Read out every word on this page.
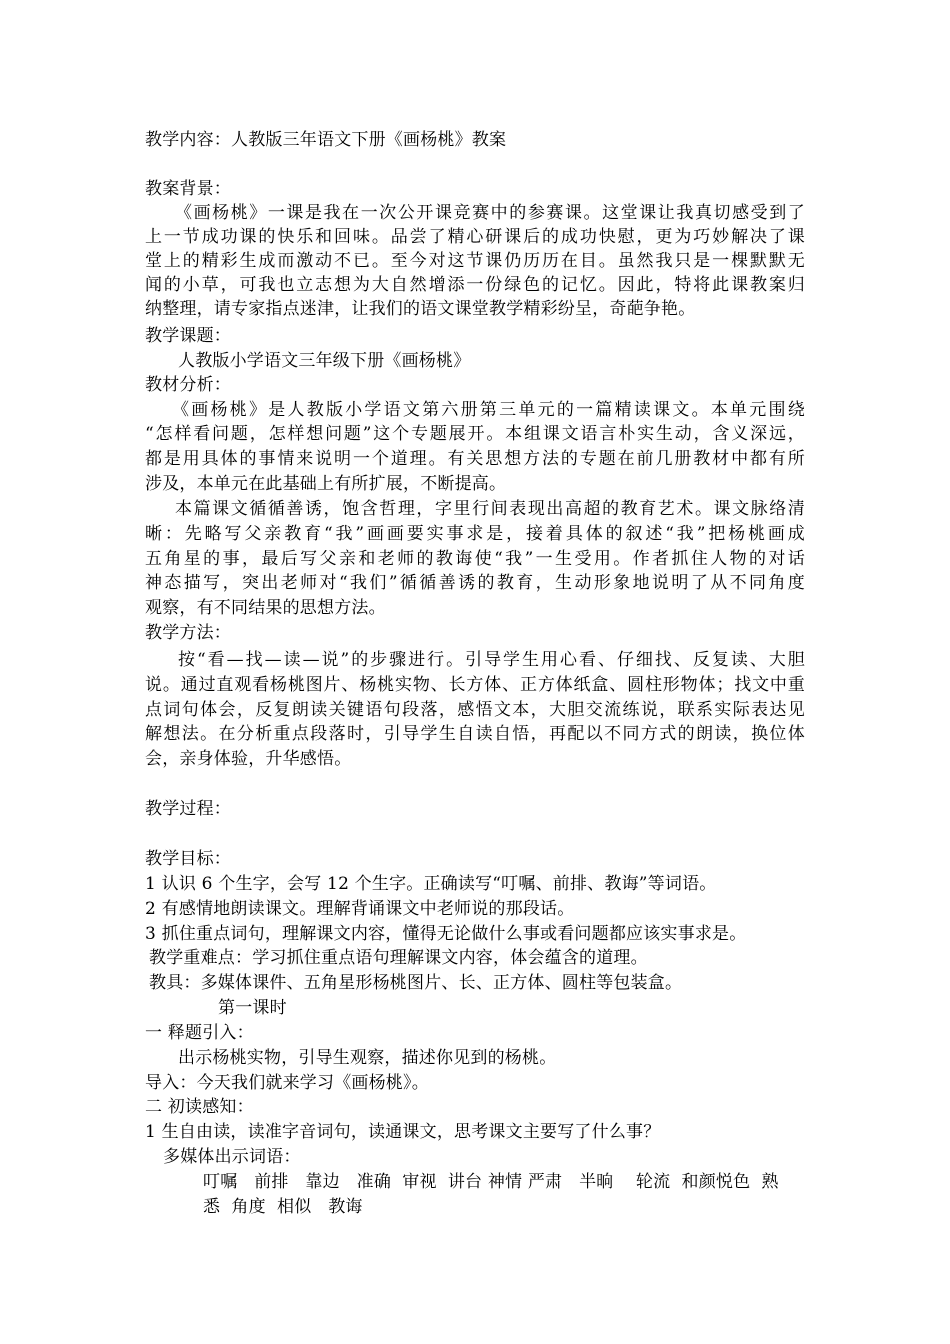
教学内容：人教版三年语文下册《画杨桃》教案
教案背景：
《画杨桃》一课是我在一次公开课竞赛中的参赛课。这堂课让我真切感受到了
上一节成功课的快乐和回味。品尝了精心研课后的成功快慰，更为巧妙解决了课
堂上的精彩生成而激动不已。至今对这节课仍历历在目。虽然我只是一棵默默无
闻的小草，可我也立志想为大自然增添一份绿色的记忆。因此，特将此课教案归
纳整理，请专家指点迷津，让我们的语文课堂教学精彩纷呈，奇葩争艳。
教学课题：
人教版小学语文三年级下册《画杨桃》
教材分析：
《画杨桃》是人教版小学语文第六册第三单元的一篇精读课文。本单元围绕
“怎样看问题，怎样想问题”这个专题展开。本组课文语言朴实生动，含义深远，
都是用具体的事情来说明一个道理。有关思想方法的专题在前几册教材中都有所
涉及，本单元在此基础上有所扩展，不断提高。
本篇课文循循善诱，饱含哲理，字里行间表现出高超的教育艺术。课文脉络清
晰：先略写父亲教育“我”画画要实事求是，接着具体的叙述“我”把杨桃画成
五角星的事，最后写父亲和老师的教诲使“我”一生受用。作者抓住人物的对话
神态描写，突出老师对“我们”循循善诱的教育，生动形象地说明了从不同角度
观察，有不同结果的思想方法。
教学方法：
按“看—找—读—说”的步骤进行。引导学生用心看、仔细找、反复读、大胆
说。通过直观看杨桃图片、杨桃实物、长方体、正方体纸盒、圆柱形物体；找文中重
点词句体会，反复朗读关键语句段落，感悟文本，大胆交流练说，联系实际表达见
解想法。在分析重点段落时，引导学生自读自悟，再配以不同方式的朗读，换位体
会，亲身体验，升华感悟。
教学过程：
教学目标：
1 认识 6 个生字，会写 12 个生字。正确读写“叮嘱、前排、教诲”等词语。
2 有感情地朗读课文。理解背诵课文中老师说的那段话。
3 抓住重点词句，理解课文内容，懂得无论做什么事或看问题都应该实事求是。
教学重难点：学习抓住重点语句理解课文内容，体会蕴含的道理。
教具：多媒体课件、五角星形杨桃图片、长、正方体、圆柱等包装盒。
第一课时
一 释题引入：
出示杨桃实物，引导生观察，描述你见到的杨桃。
导入：今天我们就来学习《画杨桃》。
二 初读感知：
1 生自由读，读准字音词句，读通课文，思考课文主要写了什么事？
多媒体出示词语：
叮嘱   前排   靠边   准确  审视  讲台 神情 严肃   半晌    轮流  和颜悦色  熟
悉  角度  相似   教诲
